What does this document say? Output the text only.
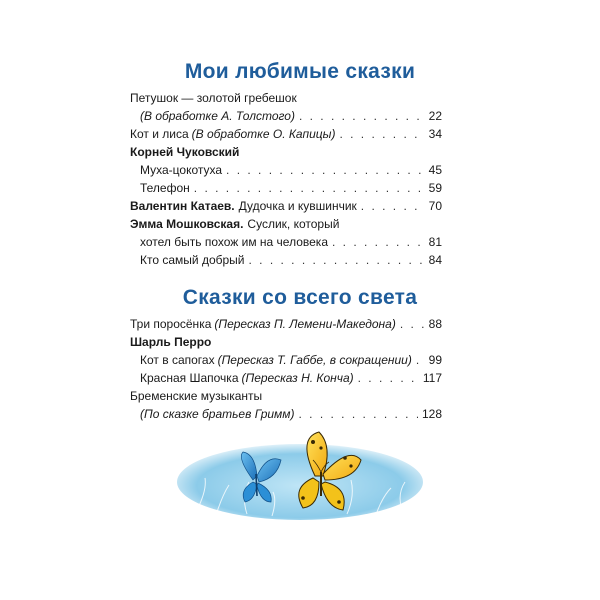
Мои любимые сказки
Петушок — золотой гребешок
(В обработке А. Толстого) . . .	22
Кот и лиса (В обработке О. Капицы) . . .	34
Корней Чуковский
Муха-цокотуха . . .	45
Телефон . . .	59
Валентин Катаев. Дудочка и кувшинчик . . .	70
Эмма Мошковская. Суслик, который
хотел быть похож им на человека . . .	81
Кто самый добрый . . .	84
Сказки со всего света
Три поросёнка (Пересказ П. Лемени-Македона) . . .	88
Шарль Перро
Кот в сапогах (Пересказ Т. Габбе, в сокращении) . . . 99
Красная Шапочка (Пересказ Н. Конча) . . .	117
Бременские музыканты
(По сказке братьев Гримм) . . .	128
